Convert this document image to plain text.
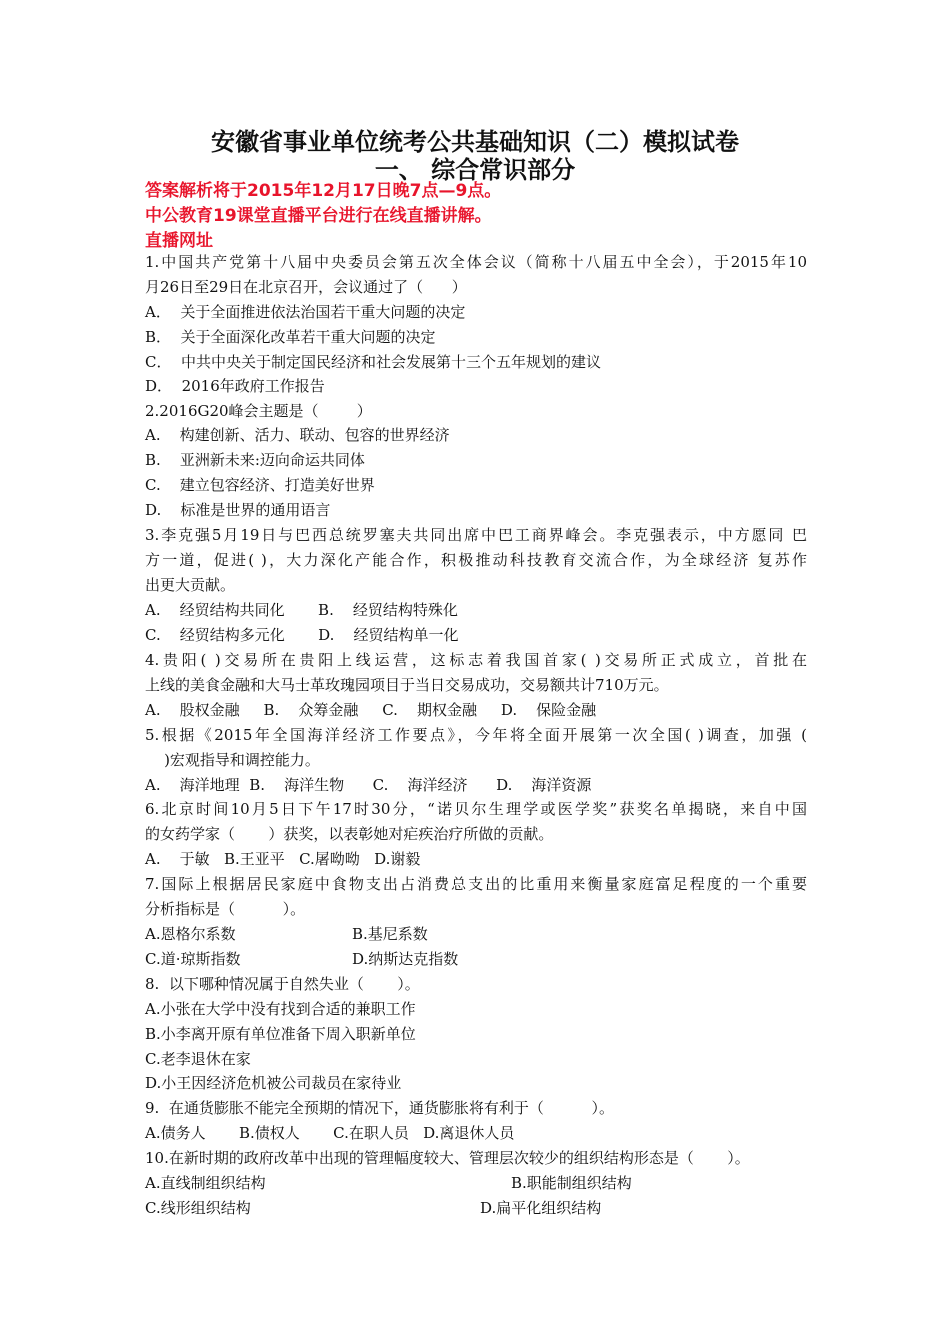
安徽省事业单位统考公共基础知识（二）模拟试卷
一、 综合常识部分
答案解析将于2015年12月17日晚7点—9点。
中公教育19课堂直播平台进行在线直播讲解。
直播网址
1.中国共产党第十八届中央委员会第五次全体会议（简称十八届五中全会），于2015年10
月26日至29日在北京召开，会议通过了（      ）
A．  关于全面推进依法治国若干重大问题的决定
B．  关于全面深化改革若干重大问题的决定
C．  中共中央关于制定国民经济和社会发展第十三个五年规划的建议
D．  2016年政府工作报告
2.2016G20峰会主题是（        ）
A.    构建创新、活力、联动、包容的世界经济
B.    亚洲新未来:迈向命运共同体
C.    建立包容经济、打造美好世界
D.    标准是世界的通用语言
3.李克强5月19日与巴西总统罗塞夫共同出席中巴工商界峰会。李克强表示，中方愿同 巴
方一道，促进( )，大力深化产能合作，积极推动科技教育交流合作，为全球经济 复苏作
出更大贡献。
A.    经贸结构共同化       B.    经贸结构特殊化
C.    经贸结构多元化       D.    经贸结构单一化
4.贵阳( )交易所在贵阳上线运营，这标志着我国首家( )交易所正式成立，首批在
上线的美食金融和大马士革玫瑰园项目于当日交易成功，交易额共计710万元。
A.    股权金融     B.    众筹金融     C.    期权金融     D.    保险金融
5.根据《2015年全国海洋经济工作要点》，今年将全面开展第一次全国( )调查，加强 (
)宏观指导和调控能力。
A.    海洋地理  B.    海洋生物      C.    海洋经济      D.    海洋资源
6.北京时间10月5日下午17时30分，“诺贝尔生理学或医学奖”获奖名单揭晓，来自中国
的女药学家（       ）获奖，以表彰她对疟疾治疗所做的贡献。
A.    于敏   B.王亚平   C.屠呦呦   D.谢毅
7.国际上根据居民家庭中食物支出占消费总支出的比重用来衡量家庭富足程度的一个重要
分析指标是（          ）。
A.恩格尔系数	B.基尼系数
C.道·琼斯指数	D.纳斯达克指数
8.  以下哪种情况属于自然失业（       ）。
A.小张在大学中没有找到合适的兼职工作
B.小李离开原有单位准备下周入职新单位
C.老李退休在家
D.小王因经济危机被公司裁员在家待业
9.  在通货膨胀不能完全预期的情况下，通货膨胀将有利于（          ）。
A.债务人       B.债权人       C.在职人员   D.离退休人员
10.在新时期的政府改革中出现的管理幅度较大、管理层次较少的组织结构形态是（       ）。
A.直线制组织结构	B.职能制组织结构
C.线形组织结构	D.扁平化组织结构
